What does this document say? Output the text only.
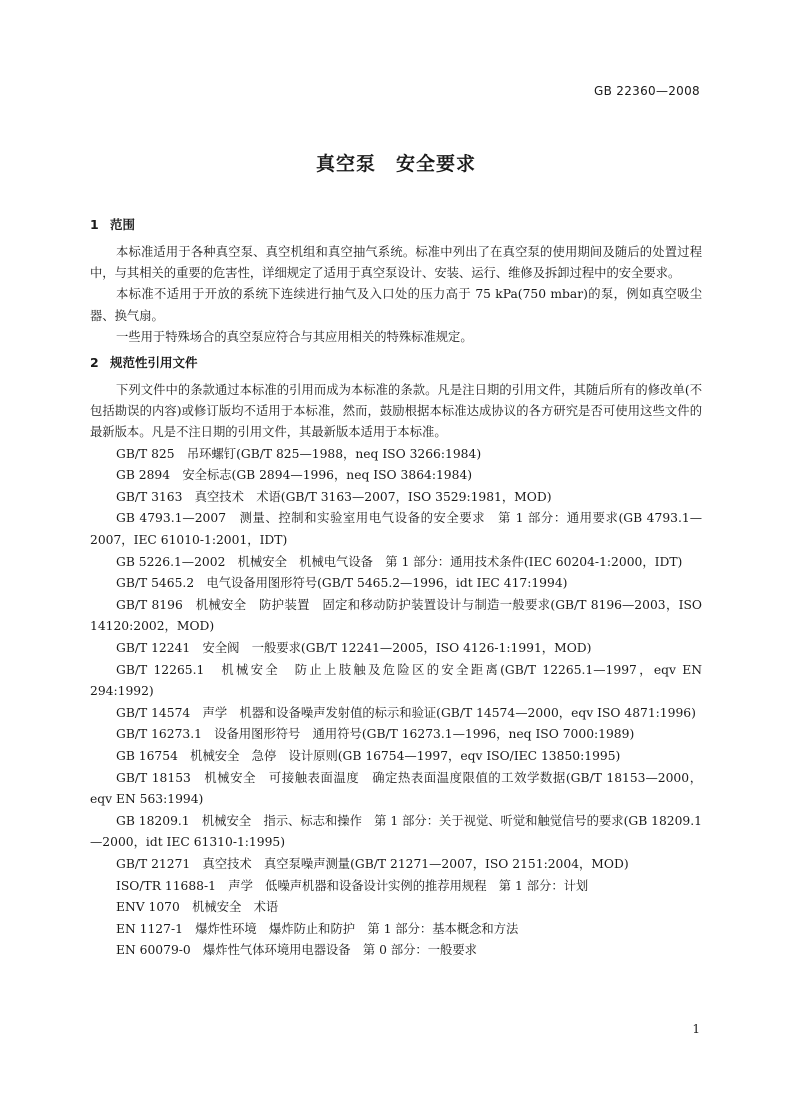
GB 22360—2008
真空泵　安全要求
1 范围

本标准适用于各种真空泵、真空机组和真空抽气系统。标准中列出了在真空泵的使用期间及随后的处置过程中，与其相关的重要的危害性，详细规定了适用于真空泵设计、安装、运行、维修及拆卸过程中的安全要求。

本标准不适用于开放的系统下连续进行抽气及入口处的压力高于 75 kPa(750 mbar)的泵，例如真空吸尘器、换气扇。

一些用于特殊场合的真空泵应符合与其应用相关的特殊标准规定。

2 规范性引用文件

下列文件中的条款通过本标准的引用而成为本标准的条款。凡是注日期的引用文件，其随后所有的修改单(不包括勘误的内容)或修订版均不适用于本标准，然而，鼓励根据本标准达成协议的各方研究是否可使用这些文件的最新版本。凡是不注日期的引用文件，其最新版本适用于本标准。

GB/T 825　吊环螺钉(GB/T 825—1988，neq ISO 3266:1984)
GB 2894　安全标志(GB 2894—1996，neq ISO 3864:1984)
GB/T 3163　真空技术　术语(GB/T 3163—2007，ISO 3529:1981，MOD)
GB 4793.1—2007　测量、控制和实验室用电气设备的安全要求　第 1 部分：通用要求(GB 4793.1—2007，IEC 61010-1:2001，IDT)
GB 5226.1—2002　机械安全　机械电气设备　第 1 部分：通用技术条件(IEC 60204-1:2000，IDT)
GB/T 5465.2　电气设备用图形符号(GB/T 5465.2—1996，idt IEC 417:1994)
GB/T 8196　机械安全　防护装置　固定和移动防护装置设计与制造一般要求(GB/T 8196—2003，ISO 14120:2002，MOD)
GB/T 12241　安全阀　一般要求(GB/T 12241—2005，ISO 4126-1:1991，MOD)
GB/T 12265.1　机械安全　防止上肢触及危险区的安全距离(GB/T 12265.1—1997，eqv EN 294:1992)
GB/T 14574　声学　机器和设备噪声发射值的标示和验证(GB/T 14574—2000，eqv ISO 4871:1996)
GB/T 16273.1　设备用图形符号　通用符号(GB/T 16273.1—1996，neq ISO 7000:1989)
GB 16754　机械安全　急停　设计原则(GB 16754—1997，eqv ISO/IEC 13850:1995)
GB/T 18153　机械安全　可接触表面温度　确定热表面温度限值的工效学数据(GB/T 18153—2000，eqv EN 563:1994)
GB 18209.1　机械安全　指示、标志和操作　第 1 部分：关于视觉、听觉和触觉信号的要求(GB 18209.1—2000，idt IEC 61310-1:1995)
GB/T 21271　真空技术　真空泵噪声测量(GB/T 21271—2007，ISO 2151:2004，MOD)
ISO/TR 11688-1　声学　低噪声机器和设备设计实例的推荐用规程　第 1 部分：计划
ENV 1070　机械安全　术语
EN 1127-1　爆炸性环境　爆炸防止和防护　第 1 部分：基本概念和方法
EN 60079-0　爆炸性气体环境用电器设备　第 0 部分：一般要求
1
